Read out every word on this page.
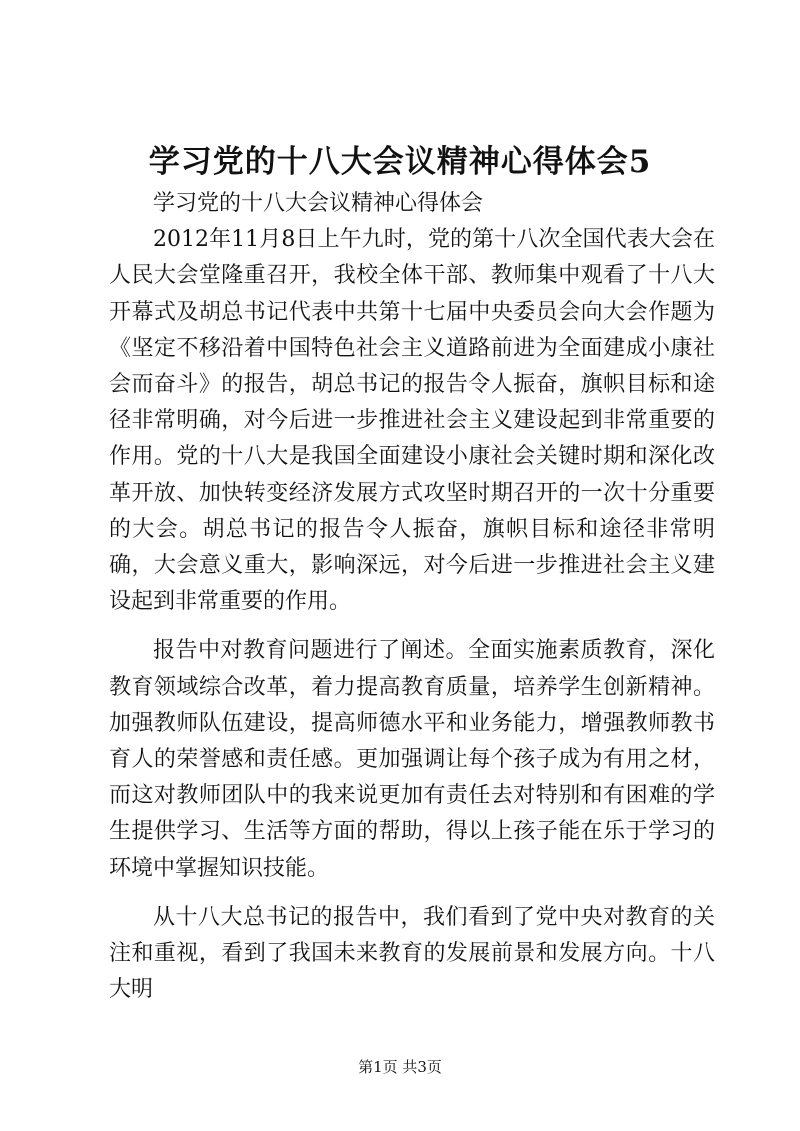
学习党的十八大会议精神心得体会5

学习党的十八大会议精神心得体会

2012年11月8日上午九时，党的第十八次全国代表大会在人民大会堂隆重召开，我校全体干部、教师集中观看了十八大开幕式及胡总书记代表中共第十七届中央委员会向大会作题为《坚定不移沿着中国特色社会主义道路前进为全面建成小康社会而奋斗》的报告，胡总书记的报告令人振奋，旗帜目标和途径非常明确，对今后进一步推进社会主义建设起到非常重要的作用。党的十八大是我国全面建设小康社会关键时期和深化改革开放、加快转变经济发展方式攻坚时期召开的一次十分重要的大会。胡总书记的报告令人振奋，旗帜目标和途径非常明确，大会意义重大，影响深远，对今后进一步推进社会主义建设起到非常重要的作用。

报告中对教育问题进行了阐述。全面实施素质教育，深化教育领域综合改革，着力提高教育质量，培养学生创新精神。加强教师队伍建设，提高师德水平和业务能力，增强教师教书育人的荣誉感和责任感。更加强调让每个孩子成为有用之材，而这对教师团队中的我来说更加有责任去对特别和有困难的学生提供学习、生活等方面的帮助，得以上孩子能在乐于学习的环境中掌握知识技能。

从十八大总书记的报告中，我们看到了党中央对教育的关注和重视，看到了我国未来教育的发展前景和发展方向。十八大明

第1页 共3页
